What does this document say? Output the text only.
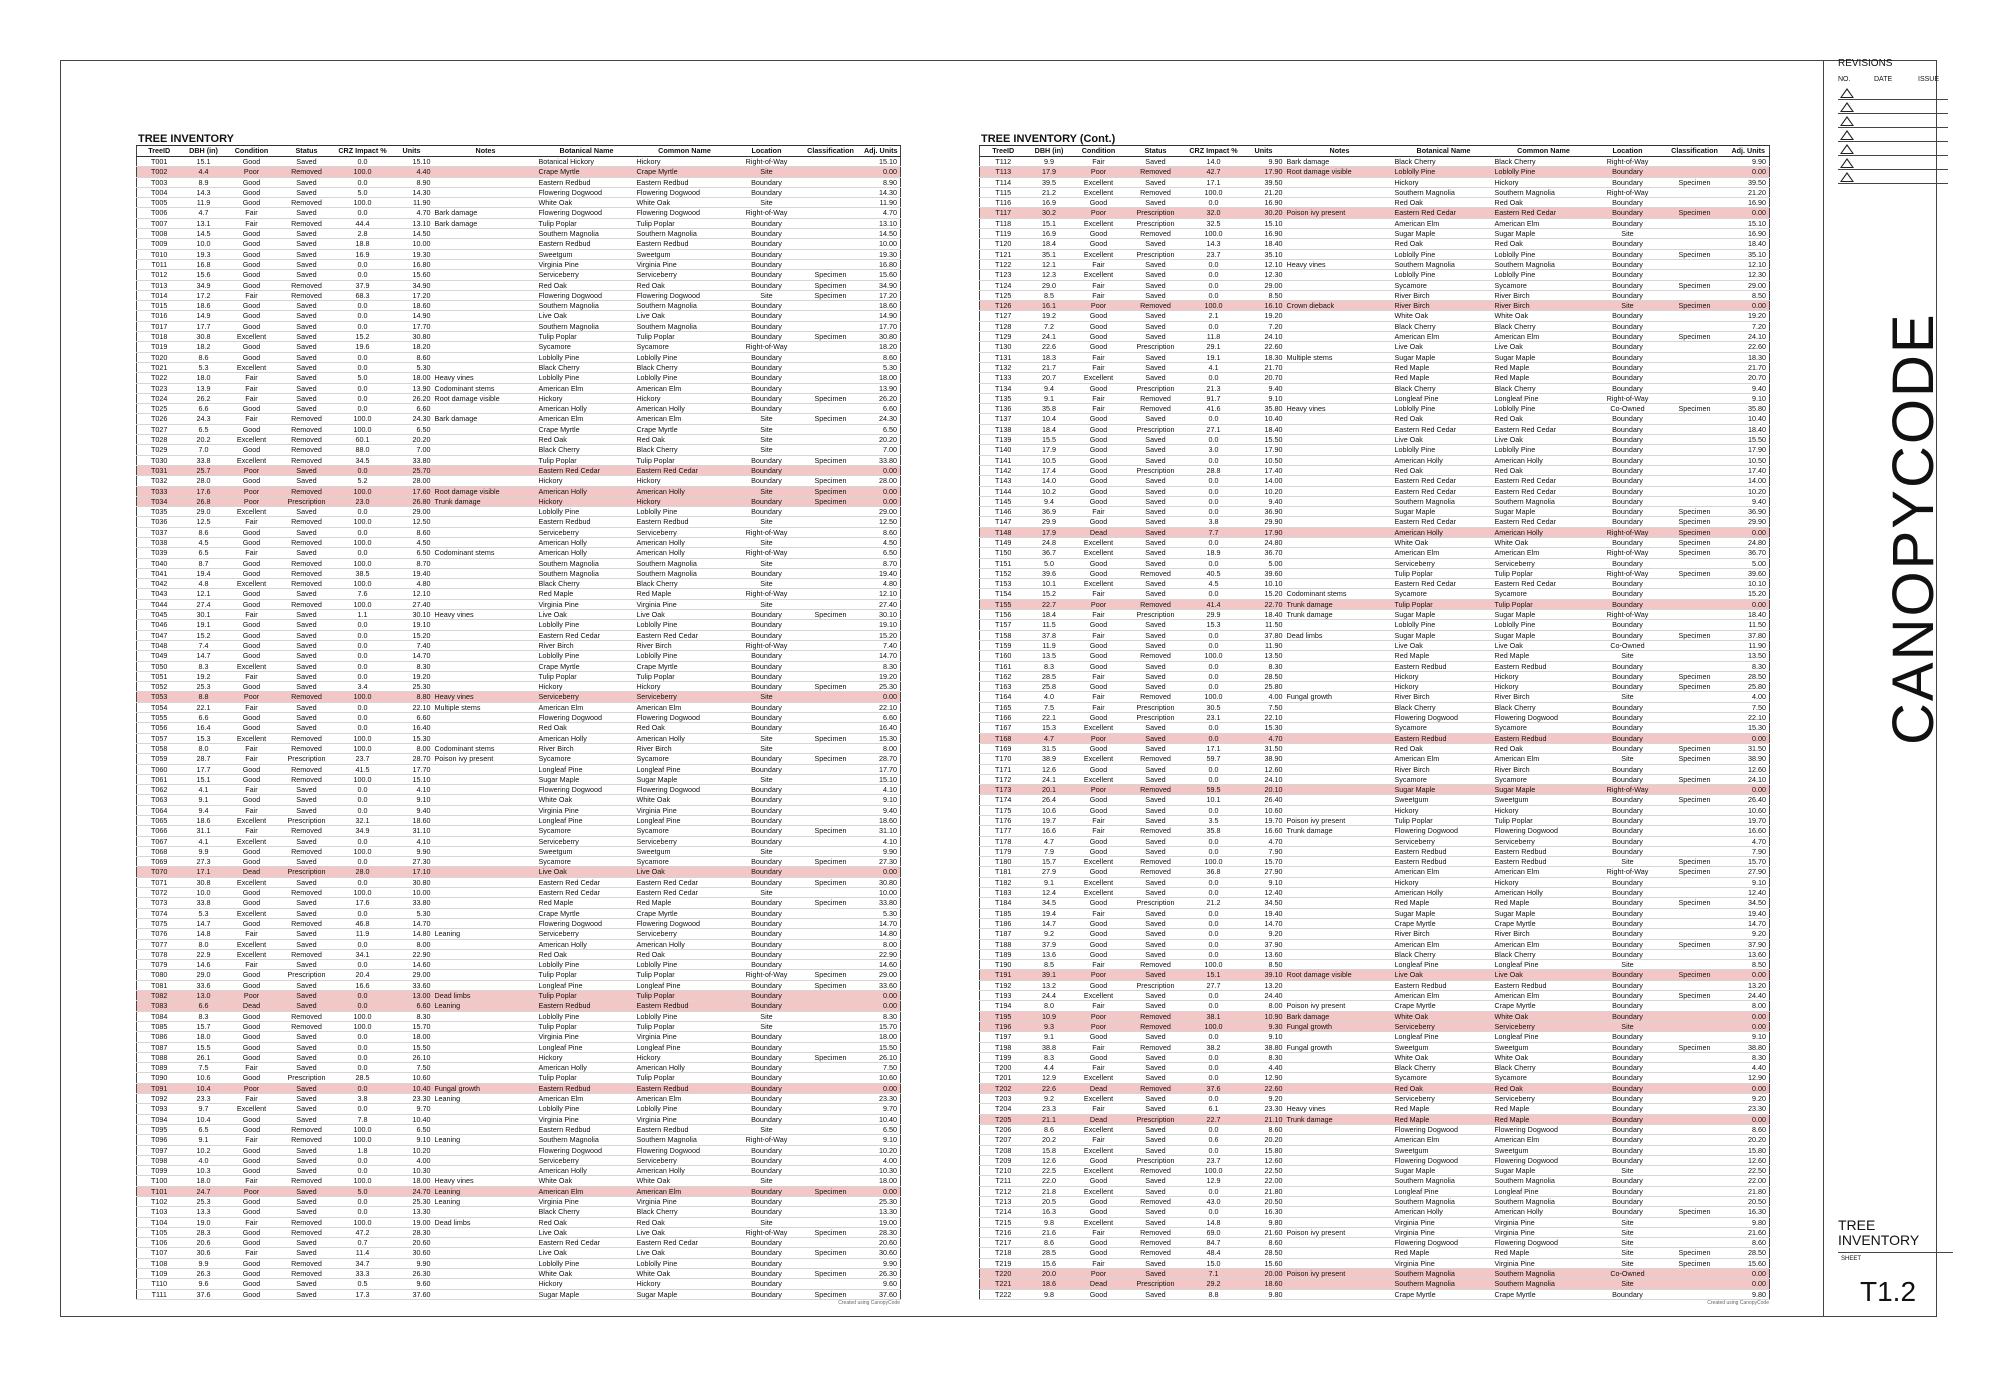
TREE INVENTORY
TreeID	DBH (in)	Condition	Status	CRZ Impact %	Units	Notes	Botanical Name	Common Name	Location	Classification	Adj. Units
T001	15.1	Good	Saved	0.0	15.10		Botanical Hickory	Hickory	Right-of-Way		15.10
T002	4.4	Poor	Removed	100.0	4.40		Crape Myrtle	Crape Myrtle	Site		0.00
T003	8.9	Good	Saved	0.0	8.90		Eastern Redbud	Eastern Redbud	Boundary		8.90
T004	14.3	Good	Saved	5.0	14.30		Flowering Dogwood	Flowering Dogwood	Boundary		14.30
T005	11.9	Good	Removed	100.0	11.90		White Oak	White Oak	Site		11.90
T006	4.7	Fair	Saved	0.0	4.70	Bark damage	Flowering Dogwood	Flowering Dogwood	Right-of-Way		4.70
T007	13.1	Fair	Removed	44.4	13.10	Bark damage	Tulip Poplar	Tulip Poplar	Boundary		13.10
T008	14.5	Good	Saved	2.8	14.50		Southern Magnolia	Southern Magnolia	Boundary		14.50
T009	10.0	Good	Saved	18.8	10.00		Eastern Redbud	Eastern Redbud	Boundary		10.00
T010	19.3	Good	Saved	16.9	19.30		Sweetgum	Sweetgum	Boundary		19.30
T011	16.8	Good	Saved	0.0	16.80		Virginia Pine	Virginia Pine	Boundary		16.80
T012	15.6	Good	Saved	0.0	15.60		Serviceberry	Serviceberry	Boundary	Specimen	15.60
T013	34.9	Good	Removed	37.9	34.90		Red Oak	Red Oak	Boundary	Specimen	34.90
T014	17.2	Fair	Removed	68.3	17.20		Flowering Dogwood	Flowering Dogwood	Site	Specimen	17.20
T015	18.6	Good	Saved	0.0	18.60		Southern Magnolia	Southern Magnolia	Boundary		18.60
T016	14.9	Good	Saved	0.0	14.90		Live Oak	Live Oak	Boundary		14.90
T017	17.7	Good	Saved	0.0	17.70		Southern Magnolia	Southern Magnolia	Boundary		17.70
T018	30.8	Excellent	Saved	15.2	30.80		Tulip Poplar	Tulip Poplar	Boundary	Specimen	30.80
T019	18.2	Good	Saved	19.6	18.20		Sycamore	Sycamore	Right-of-Way		18.20
T020	8.6	Good	Saved	0.0	8.60		Loblolly Pine	Loblolly Pine	Boundary		8.60
T021	5.3	Excellent	Saved	0.0	5.30		Black Cherry	Black Cherry	Boundary		5.30
T022	18.0	Fair	Saved	5.0	18.00	Heavy vines	Loblolly Pine	Loblolly Pine	Boundary		18.00
T023	13.9	Fair	Saved	0.0	13.90	Codominant stems	American Elm	American Elm	Boundary		13.90
T024	26.2	Fair	Saved	0.0	26.20	Root damage visible	Hickory	Hickory	Boundary	Specimen	26.20
T025	6.6	Good	Saved	0.0	6.60		American Holly	American Holly	Boundary		6.60
T026	24.3	Fair	Removed	100.0	24.30	Bark damage	American Elm	American Elm	Site	Specimen	24.30
T027	6.5	Good	Removed	100.0	6.50		Crape Myrtle	Crape Myrtle	Site		6.50
T028	20.2	Excellent	Removed	60.1	20.20		Red Oak	Red Oak	Site		20.20
T029	7.0	Good	Removed	88.0	7.00		Black Cherry	Black Cherry	Site		7.00
T030	33.8	Excellent	Removed	34.5	33.80		Tulip Poplar	Tulip Poplar	Boundary	Specimen	33.80
T031	25.7	Poor	Saved	0.0	25.70		Eastern Red Cedar	Eastern Red Cedar	Boundary		0.00
T032	28.0	Good	Saved	5.2	28.00		Hickory	Hickory	Boundary	Specimen	28.00
T033	17.6	Poor	Removed	100.0	17.60	Root damage visible	American Holly	American Holly	Site	Specimen	0.00
T034	26.8	Poor	Prescription	23.0	26.80	Trunk damage	Hickory	Hickory	Boundary	Specimen	0.00
T035	29.0	Excellent	Saved	0.0	29.00		Loblolly Pine	Loblolly Pine	Boundary		29.00
T036	12.5	Fair	Removed	100.0	12.50		Eastern Redbud	Eastern Redbud	Site		12.50
T037	8.6	Good	Saved	0.0	8.60		Serviceberry	Serviceberry	Right-of-Way		8.60
T038	4.5	Good	Removed	100.0	4.50		American Holly	American Holly	Site		4.50
T039	6.5	Fair	Saved	0.0	6.50	Codominant stems	American Holly	American Holly	Right-of-Way		6.50
T040	8.7	Good	Removed	100.0	8.70		Southern Magnolia	Southern Magnolia	Site		8.70
T041	19.4	Good	Removed	38.5	19.40		Southern Magnolia	Southern Magnolia	Boundary		19.40
T042	4.8	Excellent	Removed	100.0	4.80		Black Cherry	Black Cherry	Site		4.80
T043	12.1	Good	Saved	7.6	12.10		Red Maple	Red Maple	Right-of-Way		12.10
T044	27.4	Good	Removed	100.0	27.40		Virginia Pine	Virginia Pine	Site		27.40
T045	30.1	Fair	Saved	1.1	30.10	Heavy vines	Live Oak	Live Oak	Boundary	Specimen	30.10
T046	19.1	Good	Saved	0.0	19.10		Loblolly Pine	Loblolly Pine	Boundary		19.10
T047	15.2	Good	Saved	0.0	15.20		Eastern Red Cedar	Eastern Red Cedar	Boundary		15.20
T048	7.4	Good	Saved	0.0	7.40		River Birch	River Birch	Right-of-Way		7.40
T049	14.7	Good	Saved	0.0	14.70		Loblolly Pine	Loblolly Pine	Boundary		14.70
T050	8.3	Excellent	Saved	0.0	8.30		Crape Myrtle	Crape Myrtle	Boundary		8.30
T051	19.2	Fair	Saved	0.0	19.20		Tulip Poplar	Tulip Poplar	Boundary		19.20
T052	25.3	Good	Saved	3.4	25.30		Hickory	Hickory	Boundary	Specimen	25.30
T053	8.8	Poor	Removed	100.0	8.80	Heavy vines	Serviceberry	Serviceberry	Site		0.00
T054	22.1	Fair	Saved	0.0	22.10	Multiple stems	American Elm	American Elm	Boundary		22.10
T055	6.6	Good	Saved	0.0	6.60		Flowering Dogwood	Flowering Dogwood	Boundary		6.60
T056	16.4	Good	Saved	0.0	16.40		Red Oak	Red Oak	Boundary		16.40
T057	15.3	Excellent	Removed	100.0	15.30		American Holly	American Holly	Site	Specimen	15.30
T058	8.0	Fair	Removed	100.0	8.00	Codominant stems	River Birch	River Birch	Site		8.00
T059	28.7	Fair	Prescription	23.7	28.70	Poison ivy present	Sycamore	Sycamore	Boundary	Specimen	28.70
T060	17.7	Good	Removed	41.5	17.70		Longleaf Pine	Longleaf Pine	Boundary		17.70
T061	15.1	Good	Removed	100.0	15.10		Sugar Maple	Sugar Maple	Site		15.10
T062	4.1	Fair	Saved	0.0	4.10		Flowering Dogwood	Flowering Dogwood	Boundary		4.10
T063	9.1	Good	Saved	0.0	9.10		White Oak	White Oak	Boundary		9.10
T064	9.4	Fair	Saved	0.0	9.40		Virginia Pine	Virginia Pine	Boundary		9.40
T065	18.6	Excellent	Prescription	32.1	18.60		Longleaf Pine	Longleaf Pine	Boundary		18.60
T066	31.1	Fair	Removed	34.9	31.10		Sycamore	Sycamore	Boundary	Specimen	31.10
T067	4.1	Excellent	Saved	0.0	4.10		Serviceberry	Serviceberry	Boundary		4.10
T068	9.9	Good	Removed	100.0	9.90		Sweetgum	Sweetgum	Site		9.90
T069	27.3	Good	Saved	0.0	27.30		Sycamore	Sycamore	Boundary	Specimen	27.30
T070	17.1	Dead	Prescription	28.0	17.10		Live Oak	Live Oak	Boundary		0.00
T071	30.8	Excellent	Saved	0.0	30.80		Eastern Red Cedar	Eastern Red Cedar	Boundary	Specimen	30.80
T072	10.0	Good	Removed	100.0	10.00		Eastern Red Cedar	Eastern Red Cedar	Site		10.00
T073	33.8	Good	Saved	17.6	33.80		Red Maple	Red Maple	Boundary	Specimen	33.80
T074	5.3	Excellent	Saved	0.0	5.30		Crape Myrtle	Crape Myrtle	Boundary		5.30
T075	14.7	Good	Removed	46.8	14.70		Flowering Dogwood	Flowering Dogwood	Boundary		14.70
T076	14.8	Fair	Saved	11.9	14.80	Leaning	Serviceberry	Serviceberry	Boundary		14.80
T077	8.0	Excellent	Saved	0.0	8.00		American Holly	American Holly	Boundary		8.00
T078	22.9	Excellent	Removed	34.1	22.90		Red Oak	Red Oak	Boundary		22.90
T079	14.6	Fair	Saved	0.0	14.60		Loblolly Pine	Loblolly Pine	Boundary		14.60
T080	29.0	Good	Prescription	20.4	29.00		Tulip Poplar	Tulip Poplar	Right-of-Way	Specimen	29.00
T081	33.6	Good	Saved	16.6	33.60		Longleaf Pine	Longleaf Pine	Boundary	Specimen	33.60
T082	13.0	Poor	Saved	0.0	13.00	Dead limbs	Tulip Poplar	Tulip Poplar	Boundary		0.00
T083	6.6	Dead	Saved	0.0	6.60	Leaning	Eastern Redbud	Eastern Redbud	Boundary		0.00
T084	8.3	Good	Removed	100.0	8.30		Loblolly Pine	Loblolly Pine	Site		8.30
T085	15.7	Good	Removed	100.0	15.70		Tulip Poplar	Tulip Poplar	Site		15.70
T086	18.0	Good	Saved	0.0	18.00		Virginia Pine	Virginia Pine	Boundary		18.00
T087	15.5	Good	Saved	0.0	15.50		Longleaf Pine	Longleaf Pine	Boundary		15.50
T088	26.1	Good	Saved	0.0	26.10		Hickory	Hickory	Boundary	Specimen	26.10
T089	7.5	Fair	Saved	0.0	7.50		American Holly	American Holly	Boundary		7.50
T090	10.6	Good	Prescription	28.5	10.60		Tulip Poplar	Tulip Poplar	Boundary		10.60
T091	10.4	Poor	Saved	0.0	10.40	Fungal growth	Eastern Redbud	Eastern Redbud	Boundary		0.00
T092	23.3	Fair	Saved	3.8	23.30	Leaning	American Elm	American Elm	Boundary		23.30
T093	9.7	Excellent	Saved	0.0	9.70		Loblolly Pine	Loblolly Pine	Boundary		9.70
T094	10.4	Good	Saved	7.8	10.40		Virginia Pine	Virginia Pine	Boundary		10.40
T095	6.5	Good	Removed	100.0	6.50		Eastern Redbud	Eastern Redbud	Site		6.50
T096	9.1	Fair	Removed	100.0	9.10	Leaning	Southern Magnolia	Southern Magnolia	Right-of-Way		9.10
T097	10.2	Good	Saved	1.8	10.20		Flowering Dogwood	Flowering Dogwood	Boundary		10.20
T098	4.0	Good	Saved	0.0	4.00		Serviceberry	Serviceberry	Boundary		4.00
T099	10.3	Good	Saved	0.0	10.30		American Holly	American Holly	Boundary		10.30
T100	18.0	Fair	Removed	100.0	18.00	Heavy vines	White Oak	White Oak	Site		18.00
T101	24.7	Poor	Saved	5.0	24.70	Leaning	American Elm	American Elm	Boundary	Specimen	0.00
T102	25.3	Good	Saved	0.0	25.30	Leaning	Virginia Pine	Virginia Pine	Boundary		25.30
T103	13.3	Good	Saved	0.0	13.30		Black Cherry	Black Cherry	Boundary		13.30
T104	19.0	Fair	Removed	100.0	19.00	Dead limbs	Red Oak	Red Oak	Site		19.00
T105	28.3	Good	Removed	47.2	28.30		Live Oak	Live Oak	Right-of-Way	Specimen	28.30
T106	20.6	Good	Saved	0.7	20.60		Eastern Red Cedar	Eastern Red Cedar	Boundary		20.60
T107	30.6	Fair	Saved	11.4	30.60		Live Oak	Live Oak	Boundary	Specimen	30.60
T108	9.9	Good	Removed	34.7	9.90		Loblolly Pine	Loblolly Pine	Boundary		9.90
T109	26.3	Good	Removed	33.3	26.30		White Oak	White Oak	Boundary	Specimen	26.30
T110	9.6	Good	Saved	0.5	9.60		Hickory	Hickory	Boundary		9.60
T111	37.6	Good	Saved	17.3	37.60		Sugar Maple	Sugar Maple	Boundary	Specimen	37.60
Created using CanopyCode
TREE INVENTORY (Cont.)
TreeID	DBH (in)	Condition	Status	CRZ Impact %	Units	Notes	Botanical Name	Common Name	Location	Classification	Adj. Units
T112	9.9	Fair	Saved	14.0	9.90	Bark damage	Black Cherry	Black Cherry	Right-of-Way		9.90
T113	17.9	Poor	Removed	42.7	17.90	Root damage visible	Loblolly Pine	Loblolly Pine	Boundary		0.00
T114	39.5	Excellent	Saved	17.1	39.50		Hickory	Hickory	Boundary	Specimen	39.50
T115	21.2	Excellent	Removed	100.0	21.20		Southern Magnolia	Southern Magnolia	Right-of-Way		21.20
T116	16.9	Good	Saved	0.0	16.90		Red Oak	Red Oak	Boundary		16.90
T117	30.2	Poor	Prescription	32.0	30.20	Poison ivy present	Eastern Red Cedar	Eastern Red Cedar	Boundary	Specimen	0.00
T118	15.1	Excellent	Prescription	32.5	15.10		American Elm	American Elm	Boundary		15.10
T119	16.9	Good	Removed	100.0	16.90		Sugar Maple	Sugar Maple	Site		16.90
T120	18.4	Good	Saved	14.3	18.40		Red Oak	Red Oak	Boundary		18.40
T121	35.1	Excellent	Prescription	23.7	35.10		Loblolly Pine	Loblolly Pine	Boundary	Specimen	35.10
T122	12.1	Fair	Saved	0.0	12.10	Heavy vines	Southern Magnolia	Southern Magnolia	Boundary		12.10
T123	12.3	Excellent	Saved	0.0	12.30		Loblolly Pine	Loblolly Pine	Boundary		12.30
T124	29.0	Fair	Saved	0.0	29.00		Sycamore	Sycamore	Boundary	Specimen	29.00
T125	8.5	Fair	Saved	0.0	8.50		River Birch	River Birch	Boundary		8.50
T126	16.1	Poor	Removed	100.0	16.10	Crown dieback	River Birch	River Birch	Site	Specimen	0.00
T127	19.2	Good	Saved	2.1	19.20		White Oak	White Oak	Boundary		19.20
T128	7.2	Good	Saved	0.0	7.20		Black Cherry	Black Cherry	Boundary		7.20
T129	24.1	Good	Saved	11.8	24.10		American Elm	American Elm	Boundary	Specimen	24.10
T130	22.6	Good	Prescription	29.1	22.60		Live Oak	Live Oak	Boundary		22.60
T131	18.3	Fair	Saved	19.1	18.30	Multiple stems	Sugar Maple	Sugar Maple	Boundary		18.30
T132	21.7	Fair	Saved	4.1	21.70		Red Maple	Red Maple	Boundary		21.70
T133	20.7	Excellent	Saved	0.0	20.70		Red Maple	Red Maple	Boundary		20.70
T134	9.4	Good	Prescription	21.3	9.40		Black Cherry	Black Cherry	Boundary		9.40
T135	9.1	Fair	Removed	91.7	9.10		Longleaf Pine	Longleaf Pine	Right-of-Way		9.10
T136	35.8	Fair	Removed	41.6	35.80	Heavy vines	Loblolly Pine	Loblolly Pine	Co-Owned	Specimen	35.80
T137	10.4	Good	Saved	0.0	10.40		Red Oak	Red Oak	Boundary		10.40
T138	18.4	Good	Prescription	27.1	18.40		Eastern Red Cedar	Eastern Red Cedar	Boundary		18.40
T139	15.5	Good	Saved	0.0	15.50		Live Oak	Live Oak	Boundary		15.50
T140	17.9	Good	Saved	3.0	17.90		Loblolly Pine	Loblolly Pine	Boundary		17.90
T141	10.5	Good	Saved	0.0	10.50		American Holly	American Holly	Boundary		10.50
T142	17.4	Good	Prescription	28.8	17.40		Red Oak	Red Oak	Boundary		17.40
T143	14.0	Good	Saved	0.0	14.00		Eastern Red Cedar	Eastern Red Cedar	Boundary		14.00
T144	10.2	Good	Saved	0.0	10.20		Eastern Red Cedar	Eastern Red Cedar	Boundary		10.20
T145	9.4	Good	Saved	0.0	9.40		Southern Magnolia	Southern Magnolia	Boundary		9.40
T146	36.9	Fair	Saved	0.0	36.90		Sugar Maple	Sugar Maple	Boundary	Specimen	36.90
T147	29.9	Good	Saved	3.8	29.90		Eastern Red Cedar	Eastern Red Cedar	Boundary	Specimen	29.90
T148	17.9	Dead	Saved	7.7	17.90		American Holly	American Holly	Right-of-Way	Specimen	0.00
T149	24.8	Excellent	Saved	0.0	24.80		White Oak	White Oak	Boundary	Specimen	24.80
T150	36.7	Excellent	Saved	18.9	36.70		American Elm	American Elm	Right-of-Way	Specimen	36.70
T151	5.0	Good	Saved	0.0	5.00		Serviceberry	Serviceberry	Boundary		5.00
T152	39.6	Good	Removed	40.5	39.60		Tulip Poplar	Tulip Poplar	Right-of-Way	Specimen	39.60
T153	10.1	Excellent	Saved	4.5	10.10		Eastern Red Cedar	Eastern Red Cedar	Boundary		10.10
T154	15.2	Fair	Saved	0.0	15.20	Codominant stems	Sycamore	Sycamore	Boundary		15.20
T155	22.7	Poor	Removed	41.4	22.70	Trunk damage	Tulip Poplar	Tulip Poplar	Boundary		0.00
T156	18.4	Fair	Prescription	29.9	18.40	Trunk damage	Sugar Maple	Sugar Maple	Right-of-Way		18.40
T157	11.5	Good	Saved	15.3	11.50		Loblolly Pine	Loblolly Pine	Boundary		11.50
T158	37.8	Fair	Saved	0.0	37.80	Dead limbs	Sugar Maple	Sugar Maple	Boundary	Specimen	37.80
T159	11.9	Good	Saved	0.0	11.90		Live Oak	Live Oak	Co-Owned		11.90
T160	13.5	Good	Removed	100.0	13.50		Red Maple	Red Maple	Site		13.50
T161	8.3	Good	Saved	0.0	8.30		Eastern Redbud	Eastern Redbud	Boundary		8.30
T162	28.5	Fair	Saved	0.0	28.50		Hickory	Hickory	Boundary	Specimen	28.50
T163	25.8	Good	Saved	0.0	25.80		Hickory	Hickory	Boundary	Specimen	25.80
T164	4.0	Fair	Removed	100.0	4.00	Fungal growth	River Birch	River Birch	Site		4.00
T165	7.5	Fair	Prescription	30.5	7.50		Black Cherry	Black Cherry	Boundary		7.50
T166	22.1	Good	Prescription	23.1	22.10		Flowering Dogwood	Flowering Dogwood	Boundary		22.10
T167	15.3	Excellent	Saved	0.0	15.30		Sycamore	Sycamore	Boundary		15.30
T168	4.7	Poor	Saved	0.0	4.70		Eastern Redbud	Eastern Redbud	Boundary		0.00
T169	31.5	Good	Saved	17.1	31.50		Red Oak	Red Oak	Boundary	Specimen	31.50
T170	38.9	Excellent	Removed	59.7	38.90		American Elm	American Elm	Site	Specimen	38.90
T171	12.6	Good	Saved	0.0	12.60		River Birch	River Birch	Boundary		12.60
T172	24.1	Excellent	Saved	0.0	24.10		Sycamore	Sycamore	Boundary	Specimen	24.10
T173	20.1	Poor	Removed	59.5	20.10		Sugar Maple	Sugar Maple	Right-of-Way		0.00
T174	26.4	Good	Saved	10.1	26.40		Sweetgum	Sweetgum	Boundary	Specimen	26.40
T175	10.6	Good	Saved	0.0	10.60		Hickory	Hickory	Boundary		10.60
T176	19.7	Fair	Saved	3.5	19.70	Poison ivy present	Tulip Poplar	Tulip Poplar	Boundary		19.70
T177	16.6	Fair	Removed	35.8	16.60	Trunk damage	Flowering Dogwood	Flowering Dogwood	Boundary		16.60
T178	4.7	Good	Saved	0.0	4.70		Serviceberry	Serviceberry	Boundary		4.70
T179	7.9	Good	Saved	0.0	7.90		Eastern Redbud	Eastern Redbud	Boundary		7.90
T180	15.7	Excellent	Removed	100.0	15.70		Eastern Redbud	Eastern Redbud	Site	Specimen	15.70
T181	27.9	Good	Removed	36.8	27.90		American Elm	American Elm	Right-of-Way	Specimen	27.90
T182	9.1	Excellent	Saved	0.0	9.10		Hickory	Hickory	Boundary		9.10
T183	12.4	Excellent	Saved	0.0	12.40		American Holly	American Holly	Boundary		12.40
T184	34.5	Good	Prescription	21.2	34.50		Red Maple	Red Maple	Boundary	Specimen	34.50
T185	19.4	Fair	Saved	0.0	19.40		Sugar Maple	Sugar Maple	Boundary		19.40
T186	14.7	Good	Saved	0.0	14.70		Crape Myrtle	Crape Myrtle	Boundary		14.70
T187	9.2	Good	Saved	0.0	9.20		River Birch	River Birch	Boundary		9.20
T188	37.9	Good	Saved	0.0	37.90		American Elm	American Elm	Boundary	Specimen	37.90
T189	13.6	Good	Saved	0.0	13.60		Black Cherry	Black Cherry	Boundary		13.60
T190	8.5	Fair	Removed	100.0	8.50		Longleaf Pine	Longleaf Pine	Site		8.50
T191	39.1	Poor	Saved	15.1	39.10	Root damage visible	Live Oak	Live Oak	Boundary	Specimen	0.00
T192	13.2	Good	Prescription	27.7	13.20		Eastern Redbud	Eastern Redbud	Boundary		13.20
T193	24.4	Excellent	Saved	0.0	24.40		American Elm	American Elm	Boundary	Specimen	24.40
T194	8.0	Fair	Saved	0.0	8.00	Poison ivy present	Crape Myrtle	Crape Myrtle	Boundary		8.00
T195	10.9	Poor	Removed	38.1	10.90	Bark damage	White Oak	White Oak	Boundary		0.00
T196	9.3	Poor	Removed	100.0	9.30	Fungal growth	Serviceberry	Serviceberry	Site		0.00
T197	9.1	Good	Saved	0.0	9.10		Longleaf Pine	Longleaf Pine	Boundary		9.10
T198	38.8	Fair	Removed	38.2	38.80	Fungal growth	Sweetgum	Sweetgum	Boundary	Specimen	38.80
T199	8.3	Good	Saved	0.0	8.30		White Oak	White Oak	Boundary		8.30
T200	4.4	Fair	Saved	0.0	4.40		Black Cherry	Black Cherry	Boundary		4.40
T201	12.9	Excellent	Saved	0.0	12.90		Sycamore	Sycamore	Boundary		12.90
T202	22.6	Dead	Removed	37.6	22.60		Red Oak	Red Oak	Boundary		0.00
T203	9.2	Excellent	Saved	0.0	9.20		Serviceberry	Serviceberry	Boundary		9.20
T204	23.3	Fair	Saved	6.1	23.30	Heavy vines	Red Maple	Red Maple	Boundary		23.30
T205	21.1	Dead	Prescription	22.7	21.10	Trunk damage	Red Maple	Red Maple	Boundary		0.00
T206	8.6	Excellent	Saved	0.0	8.60		Flowering Dogwood	Flowering Dogwood	Boundary		8.60
T207	20.2	Fair	Saved	0.6	20.20		American Elm	American Elm	Boundary		20.20
T208	15.8	Excellent	Saved	0.0	15.80		Sweetgum	Sweetgum	Boundary		15.80
T209	12.6	Good	Prescription	23.7	12.60		Flowering Dogwood	Flowering Dogwood	Boundary		12.60
T210	22.5	Excellent	Removed	100.0	22.50		Sugar Maple	Sugar Maple	Site		22.50
T211	22.0	Good	Saved	12.9	22.00		Southern Magnolia	Southern Magnolia	Boundary		22.00
T212	21.8	Excellent	Saved	0.0	21.80		Longleaf Pine	Longleaf Pine	Boundary		21.80
T213	20.5	Good	Removed	43.0	20.50		Southern Magnolia	Southern Magnolia	Boundary		20.50
T214	16.3	Good	Saved	0.0	16.30		American Holly	American Holly	Boundary	Specimen	16.30
T215	9.8	Excellent	Saved	14.8	9.80		Virginia Pine	Virginia Pine	Site		9.80
T216	21.6	Fair	Removed	69.0	21.60	Poison ivy present	Virginia Pine	Virginia Pine	Site		21.60
T217	8.6	Good	Removed	84.7	8.60		Flowering Dogwood	Flowering Dogwood	Site		8.60
T218	28.5	Good	Removed	48.4	28.50		Red Maple	Red Maple	Site	Specimen	28.50
T219	15.6	Fair	Saved	15.0	15.60		Virginia Pine	Virginia Pine	Site	Specimen	15.60
T220	20.0	Poor	Saved	7.1	20.00	Poison ivy present	Southern Magnolia	Southern Magnolia	Co-Owned		0.00
T221	18.6	Dead	Prescription	29.2	18.60		Southern Magnolia	Southern Magnolia	Site		0.00
T222	9.8	Good	Saved	8.8	9.80		Crape Myrtle	Crape Myrtle	Boundary		9.80
Created using CanopyCode
REVISIONS
NO.	DATE	ISSUE
CANOPYCODE
TREE INVENTORY
SHEET
T1.2
